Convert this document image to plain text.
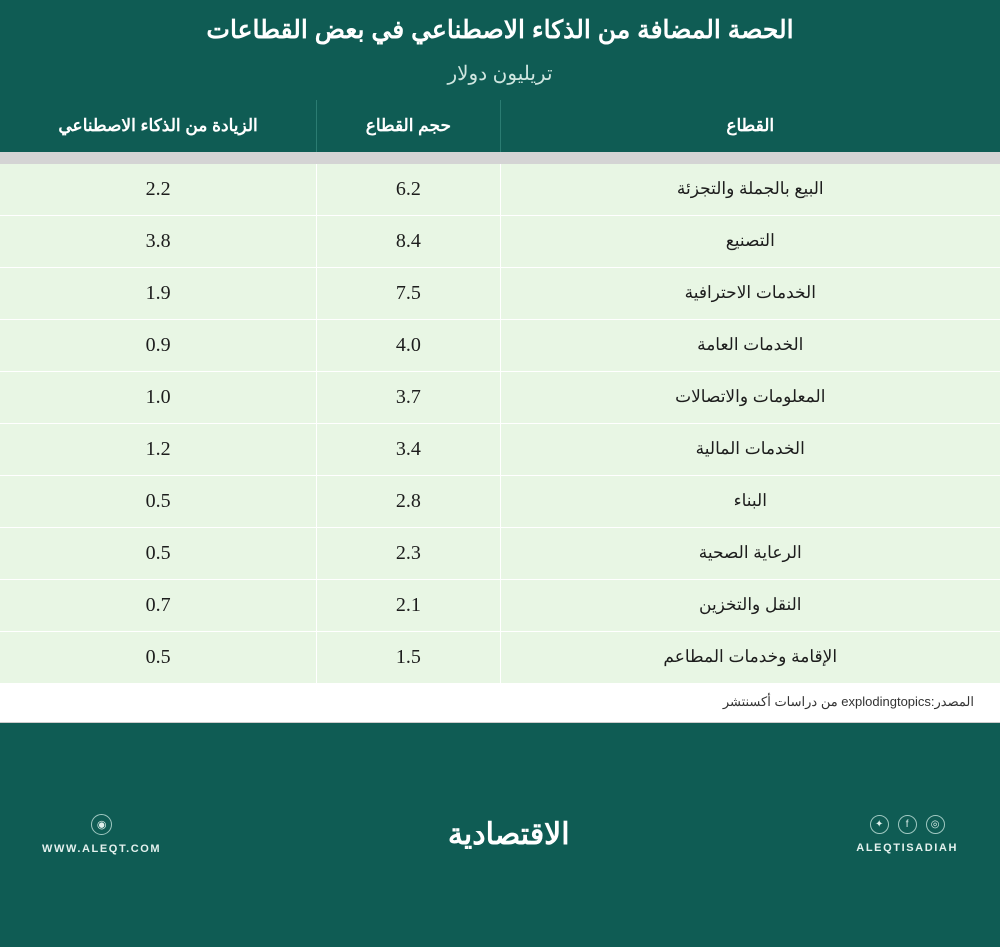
الحصة المضافة من الذكاء الاصطناعي في بعض القطاعات
تريليون دولار
القطاع	حجم القطاع	الزيادة من الذكاء الاصطناعي

البيع بالجملة والتجزئة	6.2	2.2
التصنيع	8.4	3.8
الخدمات الاحترافية	7.5	1.9
الخدمات العامة	4.0	0.9
المعلومات والاتصالات	3.7	1.0
الخدمات المالية	3.4	1.2
البناء	2.8	0.5
الرعاية الصحية	2.3	0.5
النقل والتخزين	2.1	0.7
الإقامة وخدمات المطاعم	1.5	0.5
المصدر:explodingtopics من دراسات أكسنتشر
◎
f
✦
ALEQTISADIAH
الاقتصادية
◉
WWW.ALEQT.COM
